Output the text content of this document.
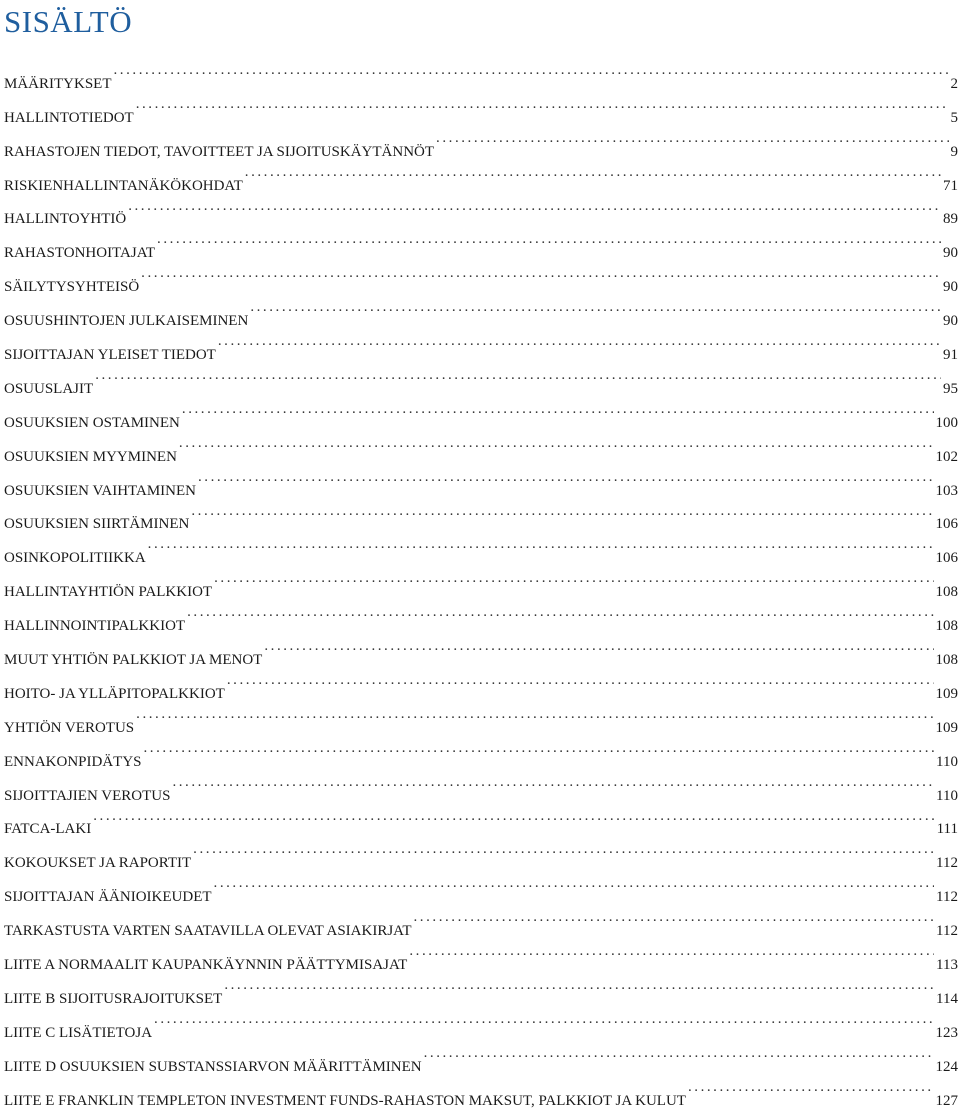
SISÄLTÖ
MÄÄRITYKSET . . .	2
HALLINTOTIEDOT . . .	5
RAHASTOJEN TIEDOT, TAVOITTEET JA SIJOITUSKÄYTÄNNÖT . . .	9
RISKIENHALLINTANÄKÖKOHDAT . . .	71
HALLINTOYHTIÖ . . .	89
RAHASTONHOITAJAT . . .	90
SÄILYTYSYHTEISÖ . . .	90
OSUUSHINTOJEN JULKAISEMINEN . . .	90
SIJOITTAJAN YLEISET TIEDOT . . .	91
OSUUSLAJIT . . .	95
OSUUKSIEN OSTAMINEN . . .	100
OSUUKSIEN MYYMINEN . . .	102
OSUUKSIEN VAIHTAMINEN . . .	103
OSUUKSIEN SIIRTÄMINEN . . .	106
OSINKOPOLITIIKKA . . .	106
HALLINTAYHTIÖN PALKKIOT . . .	108
HALLINNOINTIPALKKIOT . . .	108
MUUT YHTIÖN PALKKIOT JA MENOT . . .	108
HOITO- JA YLLÄPITOPALKKIOT . . .	109
YHTIÖN VEROTUS . . .	109
ENNAKONPIDÄTYS . . .	110
SIJOITTAJIEN VEROTUS . . .	110
FATCA-LAKI . . .	111
KOKOUKSET JA RAPORTIT . . .	112
SIJOITTAJAN ÄÄNIOIKEUDET . . .	112
TARKASTUSTA VARTEN SAATAVILLA OLEVAT ASIAKIRJAT . . .	112
LIITE A NORMAALIT KAUPANKÄYNNIN PÄÄTTYMISAJAT . . .	113
LIITE B SIJOITUSRAJOITUKSET . . .	114
LIITE C LISÄTIETOJA . . .	123
LIITE D OSUUKSIEN SUBSTANSSIARVON MÄÄRITTÄMINEN . . .	124
LIITE E FRANKLIN TEMPLETON INVESTMENT FUNDS-RAHASTON MAKSUT, PALKKIOT JA KULUT . . .	127
